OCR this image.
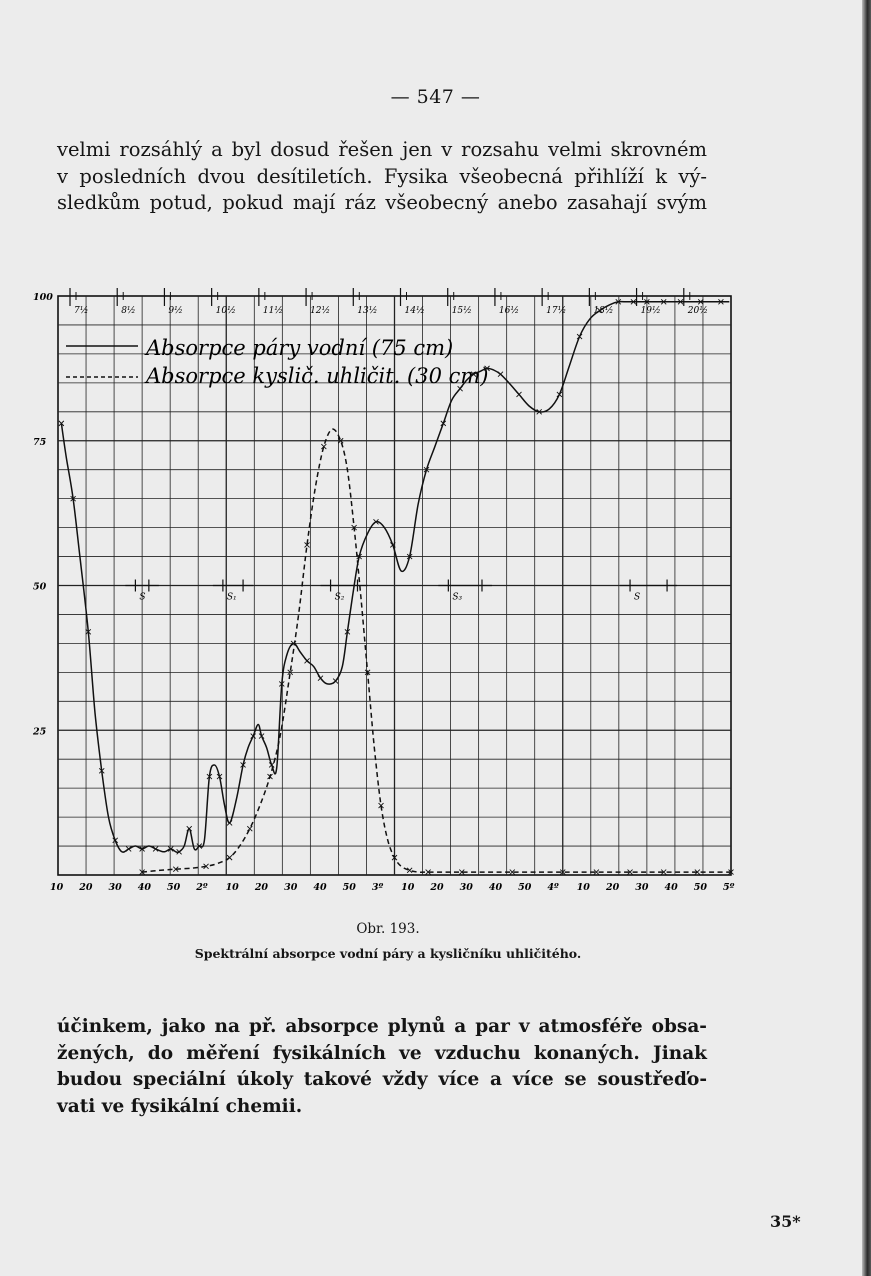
— 547 —
velmi rozsáhlý a byl dosud řešen jen v rozsahu velmi skrovném
v posledních dvou desítiletích. Fysika všeobecná přihlíží k vý-
sledkům potud, pokud mají ráz všeobecný anebo zasahají svým
7½	8½	9½	10½	11½	12½	13½	14½	15½	16½	17½	18½	19½	20½
10 20 30 40 50 2º 10 20 30 40 50 3º 10 20 30 40 50 4º 10 20 30 40 50 5º
100
75
50
25
S	S₁	S₂	S₃	S
Absorpce páry vodní (75 cm)
Absorpce kyslič. uhličit. (30 cm)
Obr. 193.
Spektrální absorpce vodní páry a kysličníku uhličitého.
účinkem, jako na př. absorpce plynů a par v atmosféře obsa-
žených, do měření fysikálních ve vzduchu konaných. Jinak
budou speciální úkoly takové vždy více a více se soustřeďo-
vati ve fysikální chemii.
35*
